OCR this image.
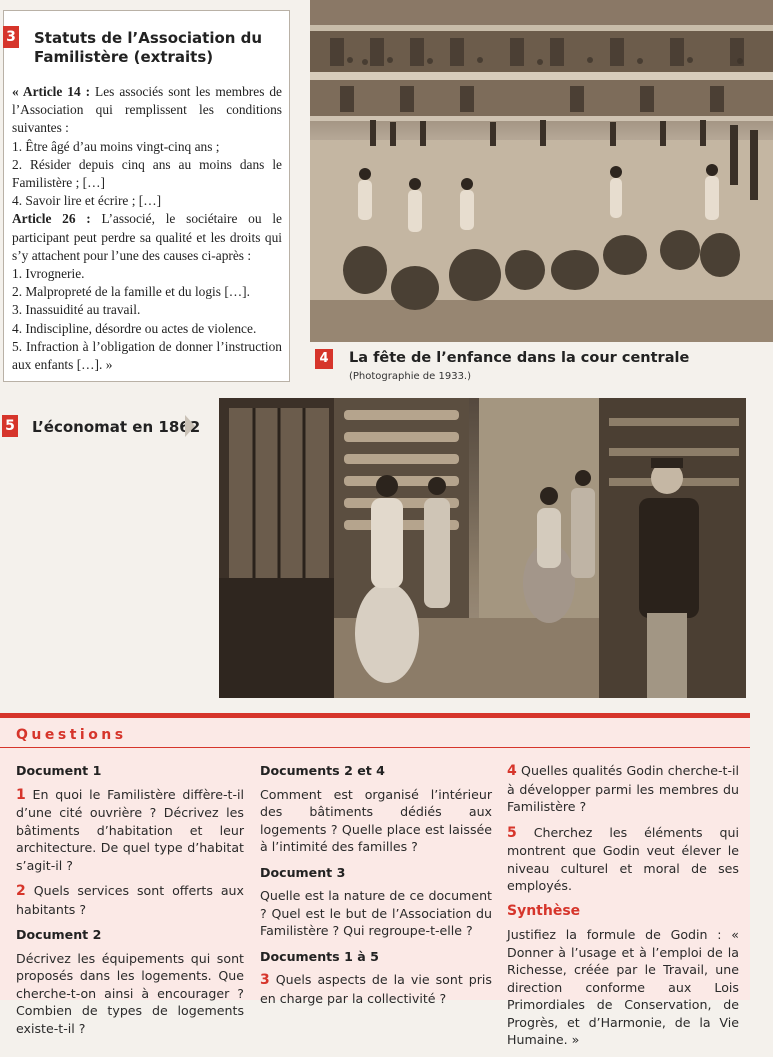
3 Statuts de l’Association du Familistère (extraits)

« Article 14 : Les associés sont les membres de l’Association qui remplissent les conditions suivantes :

1. Être âgé d’au moins vingt-cinq ans ;

2. Résider depuis cinq ans au moins dans le Familistère ; […]

4. Savoir lire et écrire ; […]

Article 26 : L’associé, le sociétaire ou le participant peut perdre sa qualité et les droits qui s’y attachent pour l’une des causes ci-après :

1. Ivrognerie.

2. Malpropreté de la famille et du logis […].

3. Inassuidité au travail.

4. Indiscipline, désordre ou actes de violence.

5. Infraction à l’obligation de donner l’instruction aux enfants […]. »	4	La fête de l’enfance dans la cour centrale
(Photographie de 1933.)
5 L’économat en 1862
Questions
Document 1

1 En quoi le Familistère diffère-t-il d’une cité ouvrière ? Décrivez les bâtiments d’habitation et leur architecture. De quel type d’habitat s’agit-il ?

2 Quels services sont offerts aux habitants ?

Document 2

Décrivez les équipements qui sont proposés dans les logements. Que cherche-t-on ainsi à encourager ? Combien de types de logements existe-t-il ?

Documents 2 et 4

Comment est organisé l’intérieur des bâtiments dédiés aux logements ? Quelle place est laissée à l’intimité des familles ?

Document 3

Quelle est la nature de ce document ? Quel est le but de l’Association du Familistère ? Qui regroupe-t-elle ?

Documents 1 à 5

3 Quels aspects de la vie sont pris en charge par la collectivité ?

4 Quelles qualités Godin cherche-t-il à développer parmi les membres du Familistère ?

5 Cherchez les éléments qui montrent que Godin veut élever le niveau culturel et moral de ses employés.

Synthèse

Justifiez la formule de Godin : « Donner à l’usage et à l’emploi de la Richesse, créée par le Travail, une direction conforme aux Lois Primordiales de Conservation, de Progrès, et d’Harmonie, de la Vie Humaine. »
